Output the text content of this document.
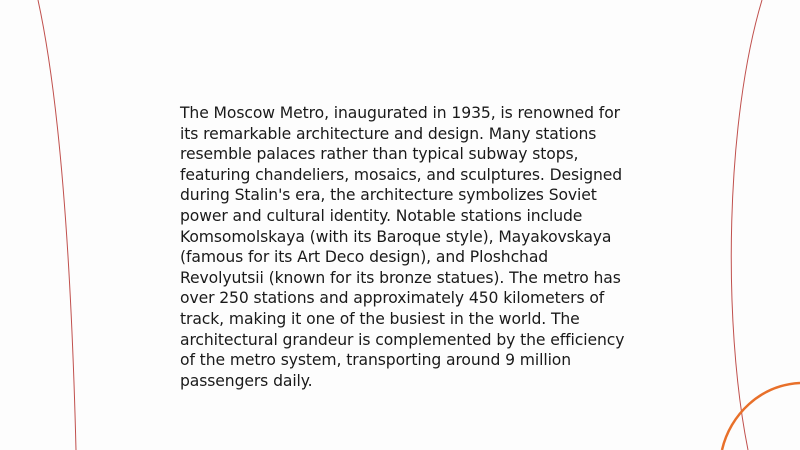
The Moscow Metro, inaugurated in 1935, is renowned for its remarkable architecture and design. Many stations resemble palaces rather than typical subway stops, featuring chandeliers, mosaics, and sculptures. Designed during Stalin's era, the architecture symbolizes Soviet power and cultural identity. Notable stations include Komsomolskaya (with its Baroque style), Mayakovskaya (famous for its Art Deco design), and Ploshchad Revolyutsii (known for its bronze statues). The metro has over 250 stations and approximately 450 kilometers of track, making it one of the busiest in the world. The architectural grandeur is complemented by the efficiency of the metro system, transporting around 9 million passengers daily.
